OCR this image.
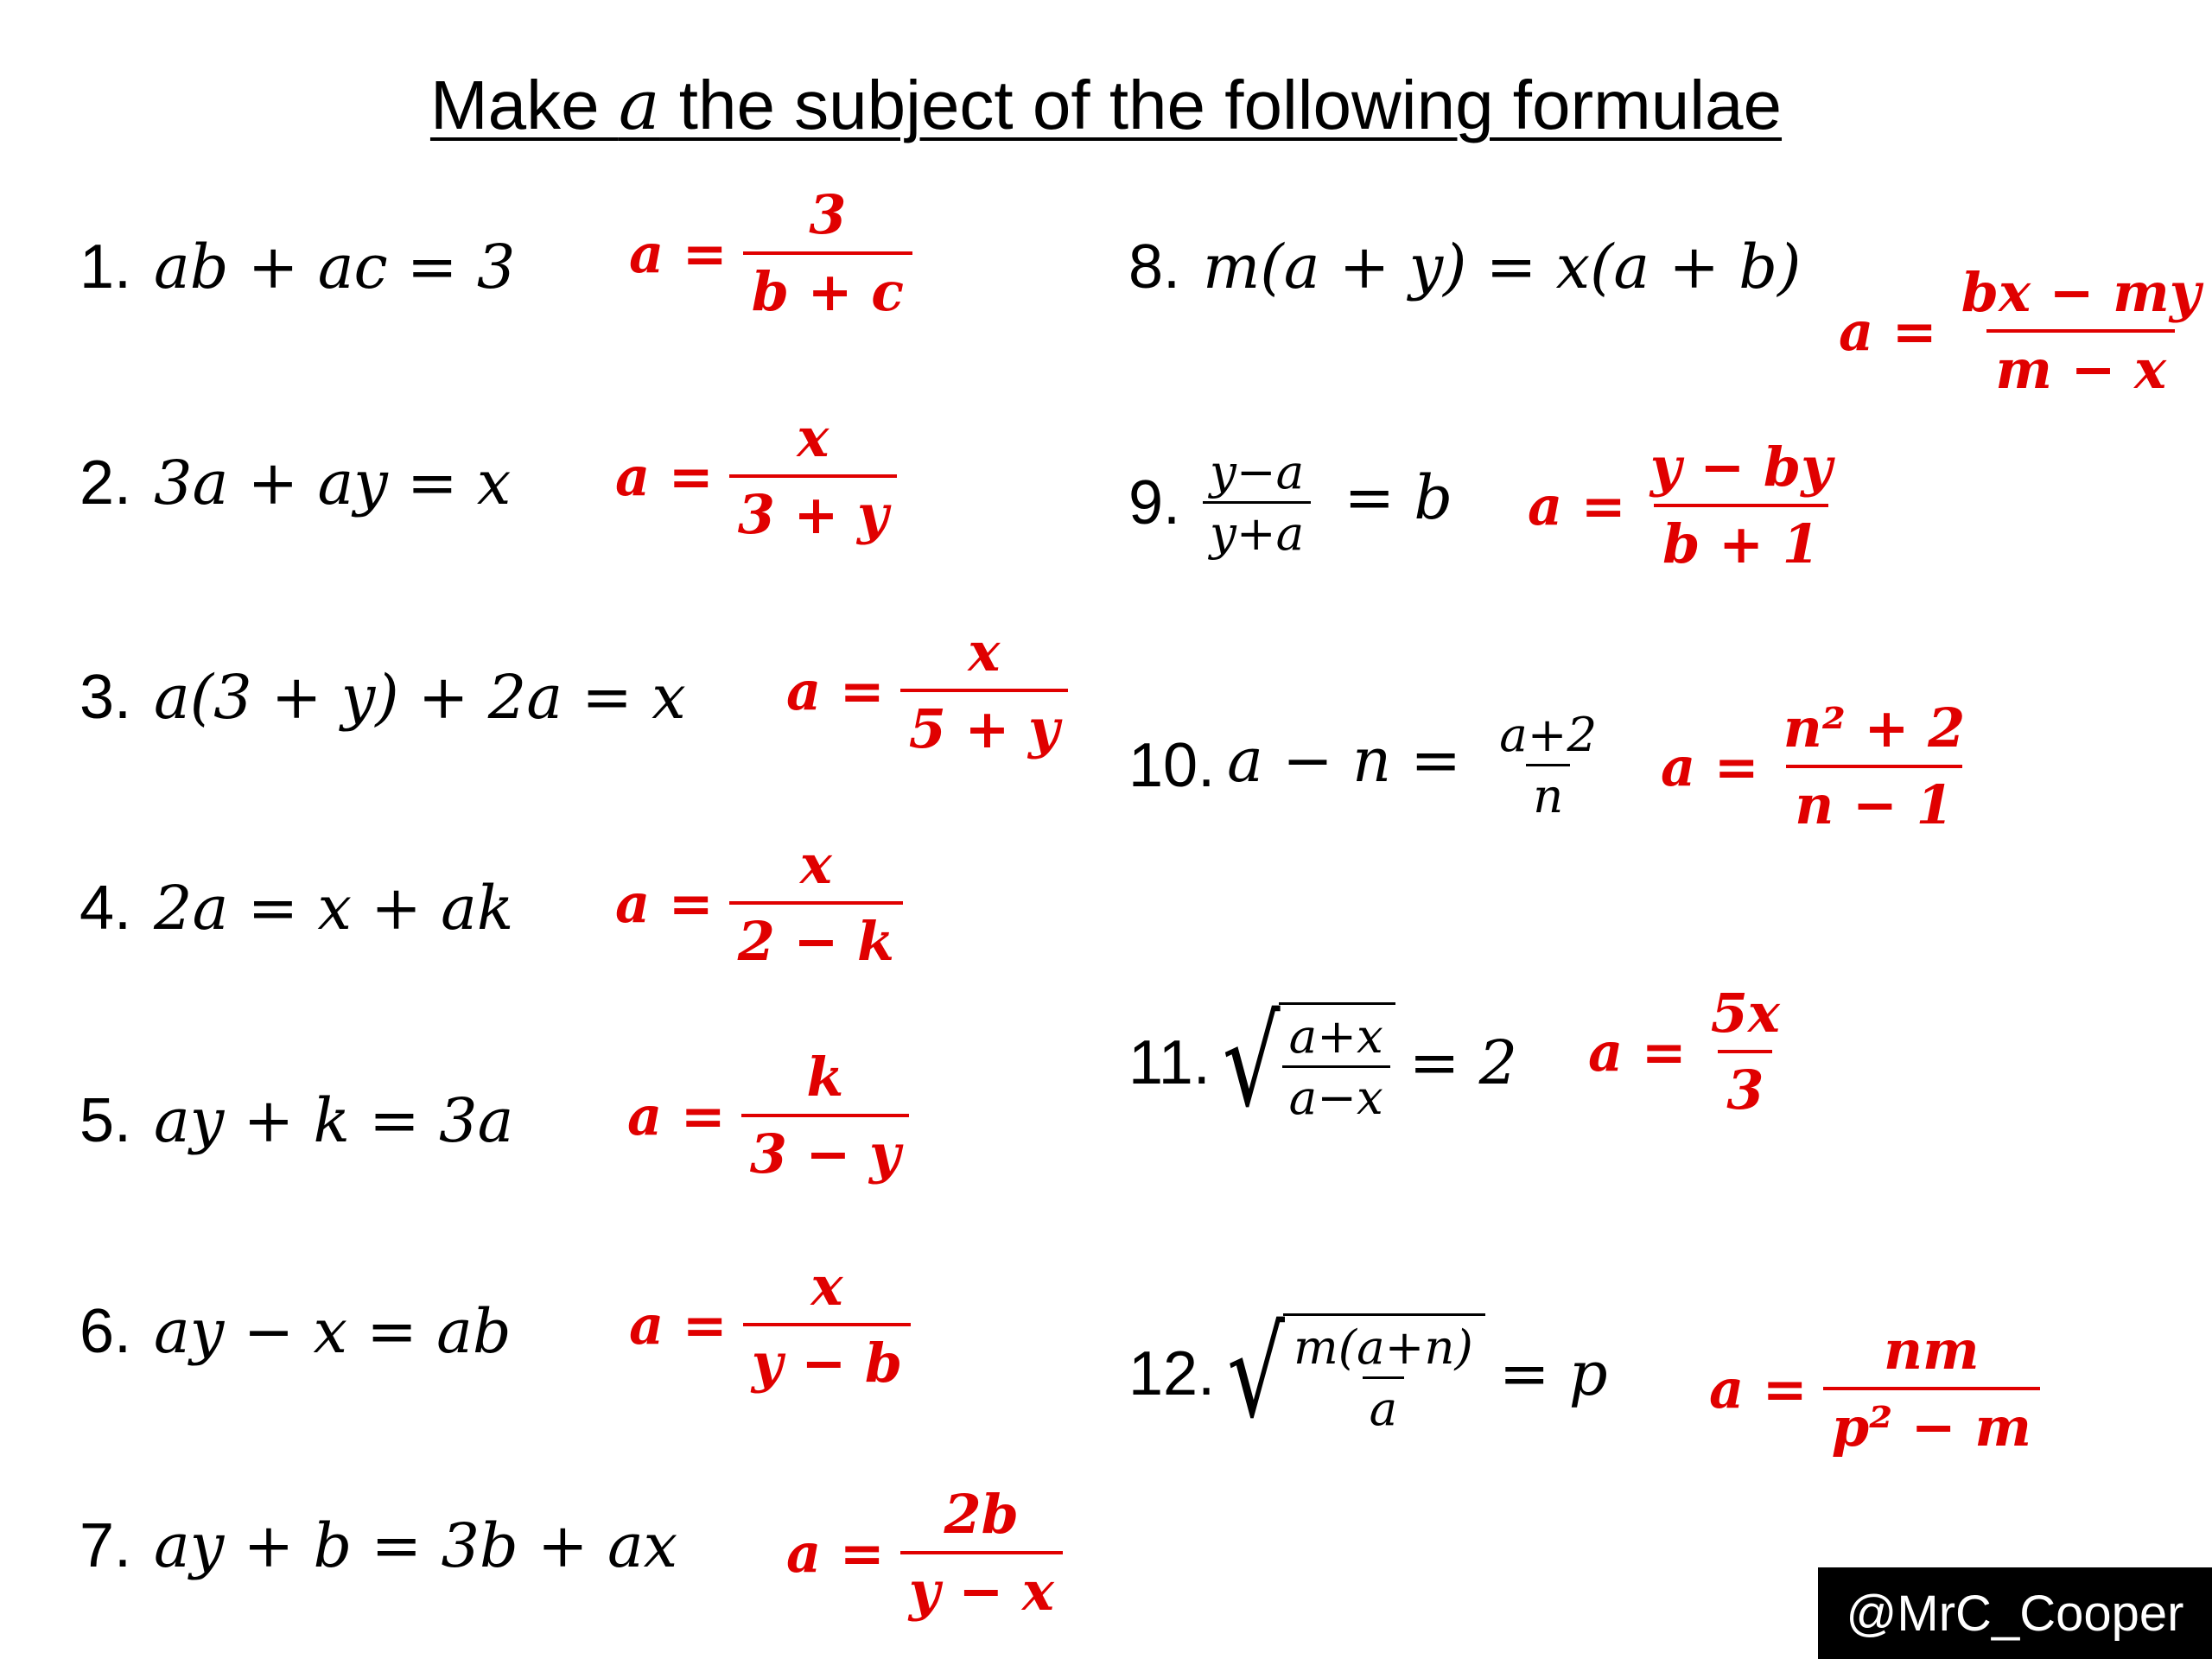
Make a the subject of the following formulae
1. ab + ac = 3 $a = \frac{3}{b + c}$
2. 3a + ay = x $a = \frac{x}{3 + y}$
3. a(3 + y) + 2a = x $a = \frac{x}{5 + y}$
4. 2a = x + ak $a = \frac{x}{2 - k}$
5. ay + k = 3a $a = \frac{k}{3 - y}$
6. ay − x = ab $a = \frac{x}{y - b}$
7. ay + b = 3b + ax $a = \frac{2b}{y - x}$
8. m(a + y) = x(a + b)
$a = \frac{bx - my}{m - x}$
9. $\frac{y-a}{y+a} = b$ $a = \frac{y - by}{b + 1}$
10. $a - n = \frac{a+2}{n}$ $a = \frac{\text{n² + 2}}{n - 1}$
11. √ $\frac{a+x}{a-x} = 2$ $a = \frac{5x}{3}$
12. √ $\frac{m(a+n)}{a} = p$ $a = \frac{nm}{\text{p² − m}}$
@MrC_Cooper
